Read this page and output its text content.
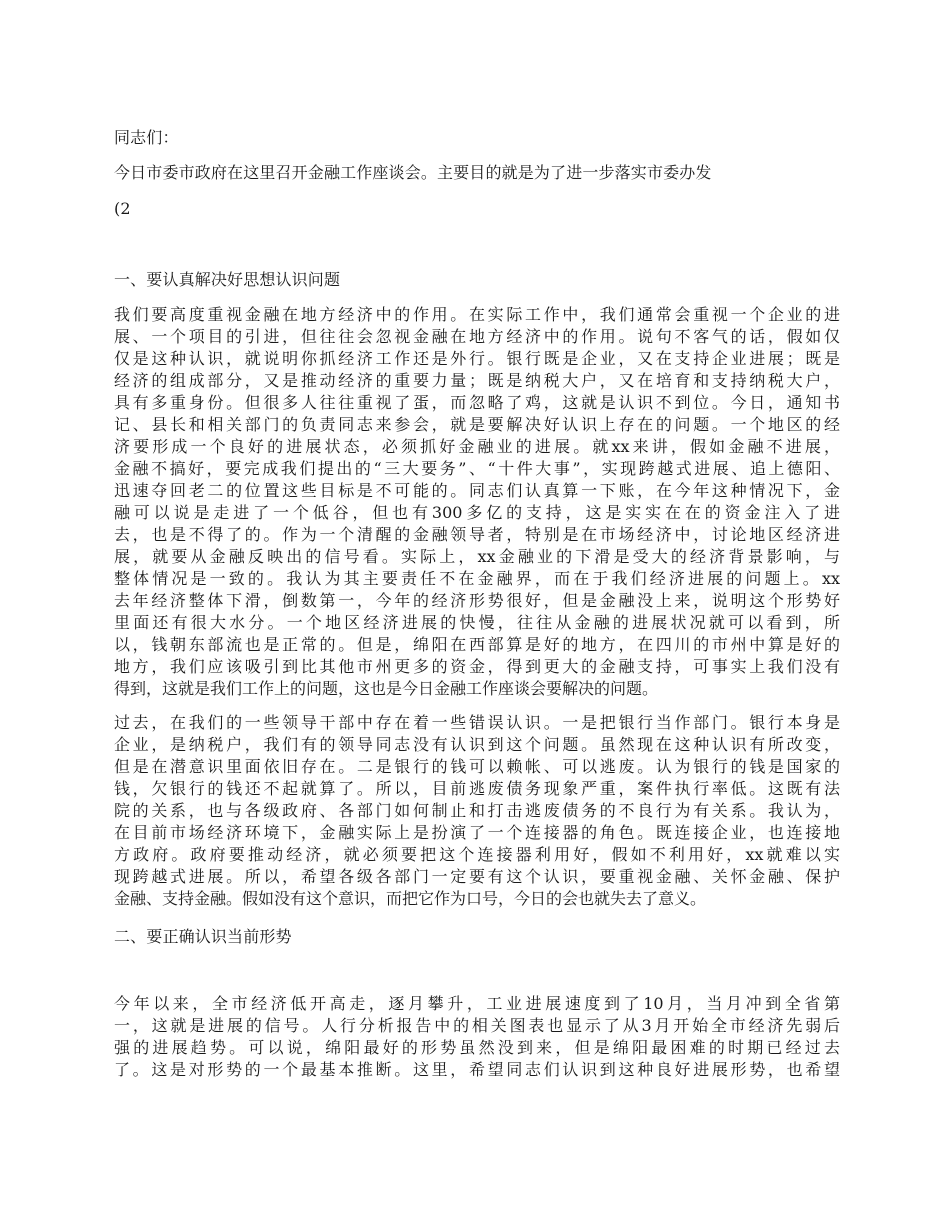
同志们：

今日市委市政府在这里召开金融工作座谈会。主要目的就是为了进一步落实市委办发

(2

一、要认真解决好思想认识问题

我们要高度重视金融在地方经济中的作用。在实际工作中，我们通常会重视一个企业的进
展、一个项目的引进，但往往会忽视金融在地方经济中的作用。说句不客气的话，假如仅
仅是这种认识，就说明你抓经济工作还是外行。银行既是企业，又在支持企业进展；既是
经济的组成部分，又是推动经济的重要力量；既是纳税大户，又在培育和支持纳税大户，
具有多重身份。但很多人往往重视了蛋，而忽略了鸡，这就是认识不到位。今日，通知书
记、县长和相关部门的负责同志来参会，就是要解决好认识上存在的问题。一个地区的经
济要形成一个良好的进展状态，必须抓好金融业的进展。就xx来讲，假如金融不进展，
金融不搞好，要完成我们提出的“三大要务”、“十件大事”，实现跨越式进展、追上德阳、
迅速夺回老二的位置这些目标是不可能的。同志们认真算一下账，在今年这种情况下，金
融可以说是走进了一个低谷，但也有300多亿的支持，这是实实在在的资金注入了进
去，也是不得了的。作为一个清醒的金融领导者，特别是在市场经济中，讨论地区经济进
展，就要从金融反映出的信号看。实际上，xx金融业的下滑是受大的经济背景影响，与
整体情况是一致的。我认为其主要责任不在金融界，而在于我们经济进展的问题上。xx
去年经济整体下滑，倒数第一，今年的经济形势很好，但是金融没上来，说明这个形势好
里面还有很大水分。一个地区经济进展的快慢，往往从金融的进展状况就可以看到，所
以，钱朝东部流也是正常的。但是，绵阳在西部算是好的地方，在四川的市州中算是好的
地方，我们应该吸引到比其他市州更多的资金，得到更大的金融支持，可事实上我们没有
得到，这就是我们工作上的问题，这也是今日金融工作座谈会要解决的问题。
过去，在我们的一些领导干部中存在着一些错误认识。一是把银行当作部门。银行本身是
企业，是纳税户，我们有的领导同志没有认识到这个问题。虽然现在这种认识有所改变，
但是在潜意识里面依旧存在。二是银行的钱可以赖帐、可以逃废。认为银行的钱是国家的
钱，欠银行的钱还不起就算了。所以，目前逃废债务现象严重，案件执行率低。这既有法
院的关系，也与各级政府、各部门如何制止和打击逃废债务的不良行为有关系。我认为，
在目前市场经济环境下，金融实际上是扮演了一个连接器的角色。既连接企业，也连接地
方政府。政府要推动经济，就必须要把这个连接器利用好，假如不利用好，xx就难以实
现跨越式进展。所以，希望各级各部门一定要有这个认识，要重视金融、关怀金融、保护
金融、支持金融。假如没有这个意识，而把它作为口号，今日的会也就失去了意义。

二、要正确认识当前形势

今年以来，全市经济低开高走，逐月攀升，工业进展速度到了10月，当月冲到全省第
一，这就是进展的信号。人行分析报告中的相关图表也显示了从3月开始全市经济先弱后
强的进展趋势。可以说，绵阳最好的形势虽然没到来，但是绵阳最困难的时期已经过去
了。这是对形势的一个最基本推断。这里，希望同志们认识到这种良好进展形势，也希望
